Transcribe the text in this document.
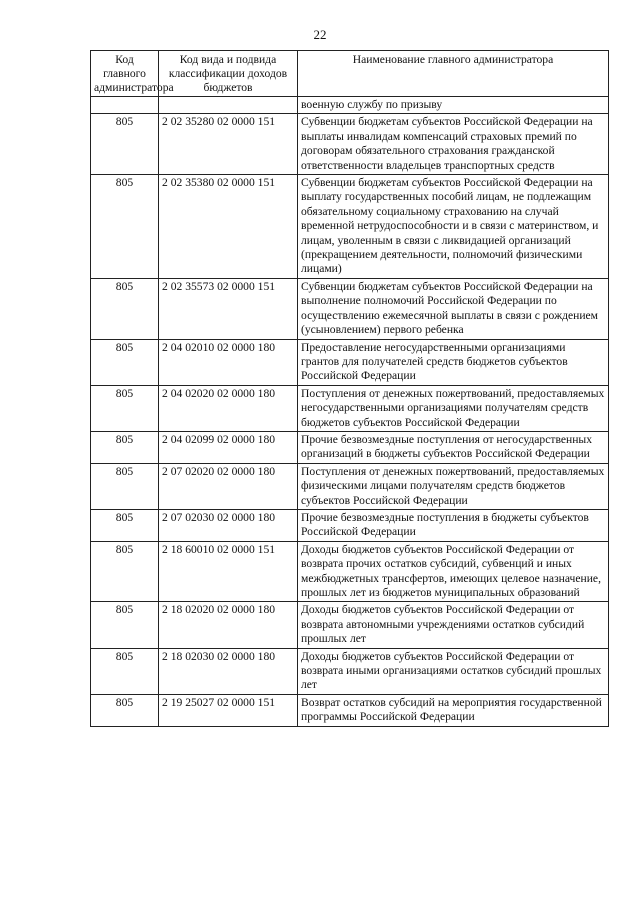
22
Код главного администратора	Код вида и подвида классификации доходов бюджетов	Наименование главного администратора
		военную службу по призыву
805	2 02 35280 02 0000 151	Субвенции бюджетам субъектов Российской Федерации на выплаты инвалидам компенсаций страховых премий по договорам обязательного страхования гражданской ответственности владельцев транспортных средств
805	2 02 35380 02 0000 151	Субвенции бюджетам субъектов Российской Федерации на выплату государственных пособий лицам, не подлежащим обязательному социальному страхованию на случай временной нетрудоспособности и в связи с материнством, и лицам, уволенным в связи с ликвидацией организаций (прекращением деятельности, полномочий физическими лицами)
805	2 02 35573 02 0000 151	Субвенции бюджетам субъектов Российской Федерации на выполнение полномочий Российской Федерации по осуществлению ежемесячной выплаты в связи с рождением (усыновлением) первого ребенка
805	2 04 02010 02 0000 180	Предоставление негосударственными организациями грантов для получателей средств бюджетов субъектов Российской Федерации
805	2 04 02020 02 0000 180	Поступления от денежных пожертвований, предоставляемых негосударственными организациями получателям средств бюджетов субъектов Российской Федерации
805	2 04 02099 02 0000 180	Прочие безвозмездные поступления от негосударственных организаций в бюджеты субъектов Российской Федерации
805	2 07 02020 02 0000 180	Поступления от денежных пожертвований, предоставляемых физическими лицами получателям средств бюджетов субъектов Российской Федерации
805	2 07 02030 02 0000 180	Прочие безвозмездные поступления в бюджеты субъектов Российской Федерации
805	2 18 60010 02 0000 151	Доходы бюджетов субъектов Российской Федерации от возврата прочих остатков субсидий, субвенций и иных межбюджетных трансфертов, имеющих целевое назначение, прошлых лет из бюджетов муниципальных образований
805	2 18 02020 02 0000 180	Доходы бюджетов субъектов Российской Федерации от возврата автономными учреждениями остатков субсидий прошлых лет
805	2 18 02030 02 0000 180	Доходы бюджетов субъектов Российской Федерации от возврата иными организациями остатков субсидий прошлых лет
805	2 19 25027 02 0000 151	Возврат остатков субсидий на мероприятия государственной программы Российской Федерации
